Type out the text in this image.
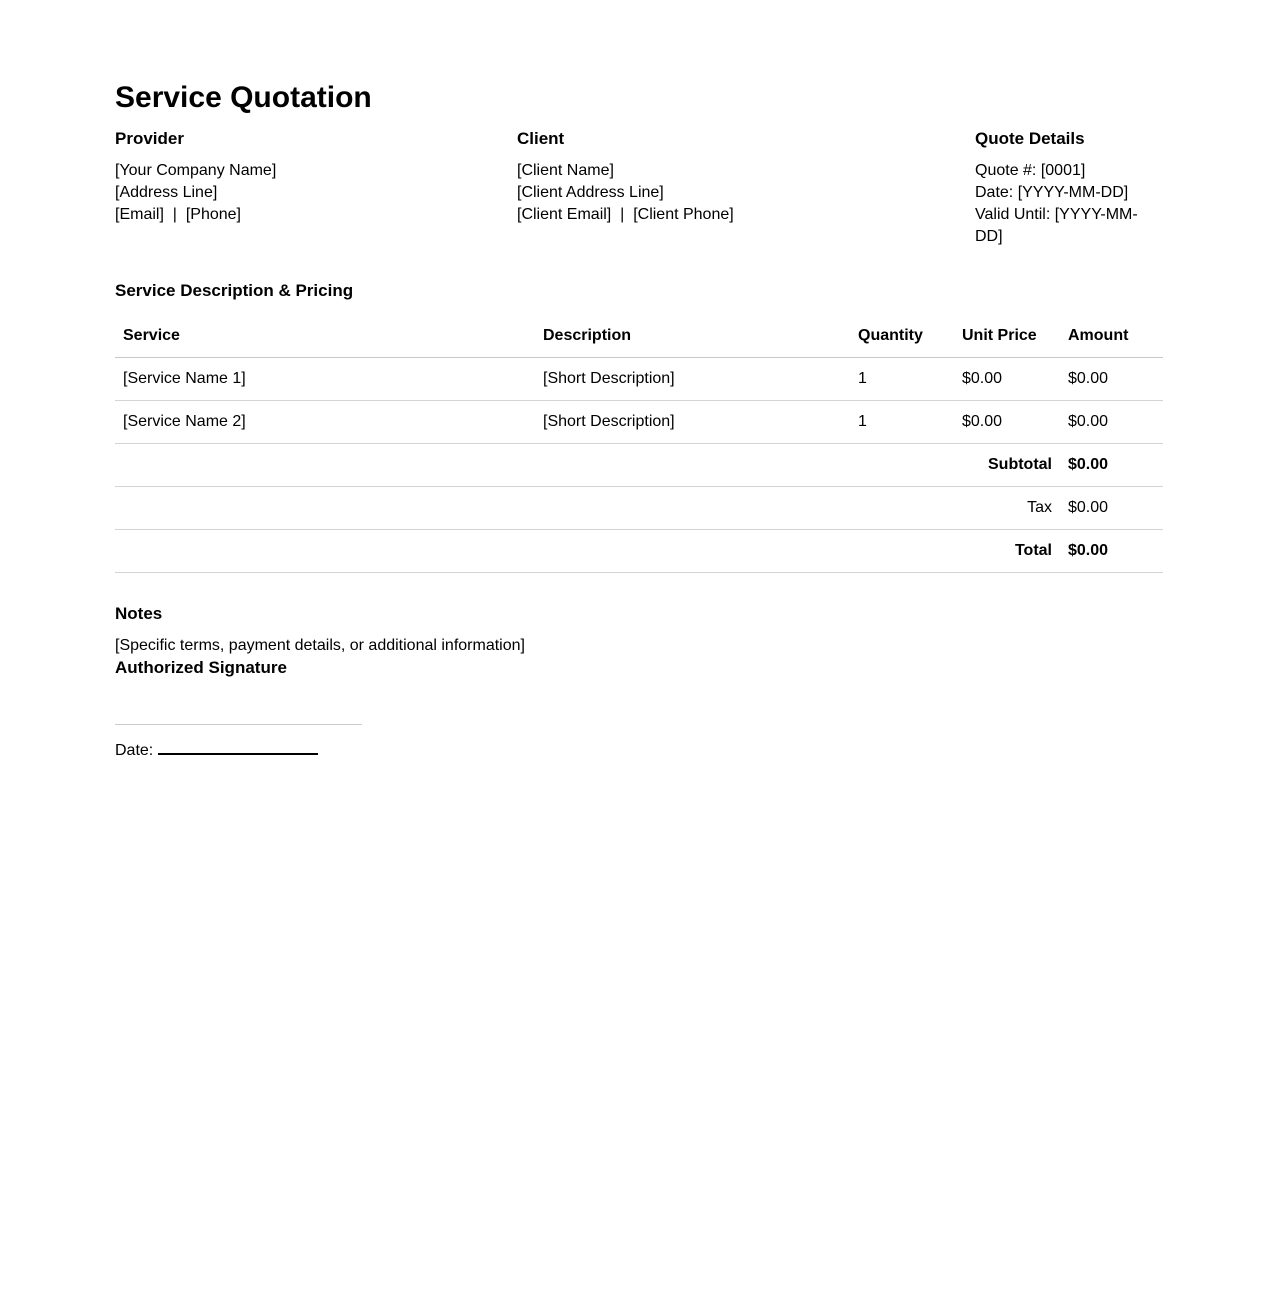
Service Quotation
Provider
[Your Company Name]
[Address Line]
[Email]  |  [Phone]
Client
[Client Name]
[Client Address Line]
[Client Email]  |  [Client Phone]
Quote Details
Quote #: [0001]
Date: [YYYY-MM-DD]
Valid Until: [YYYY-MM-DD]
Service Description & Pricing
Service	Description	Quantity	Unit Price	Amount
[Service Name 1]	[Short Description]	1	$0.00	$0.00
[Service Name 2]	[Short Description]	1	$0.00	$0.00
Subtotal				$0.00
Tax				$0.00
Total				$0.00
Notes

[Specific terms, payment details, or additional information]

Authorized Signature
Date:
